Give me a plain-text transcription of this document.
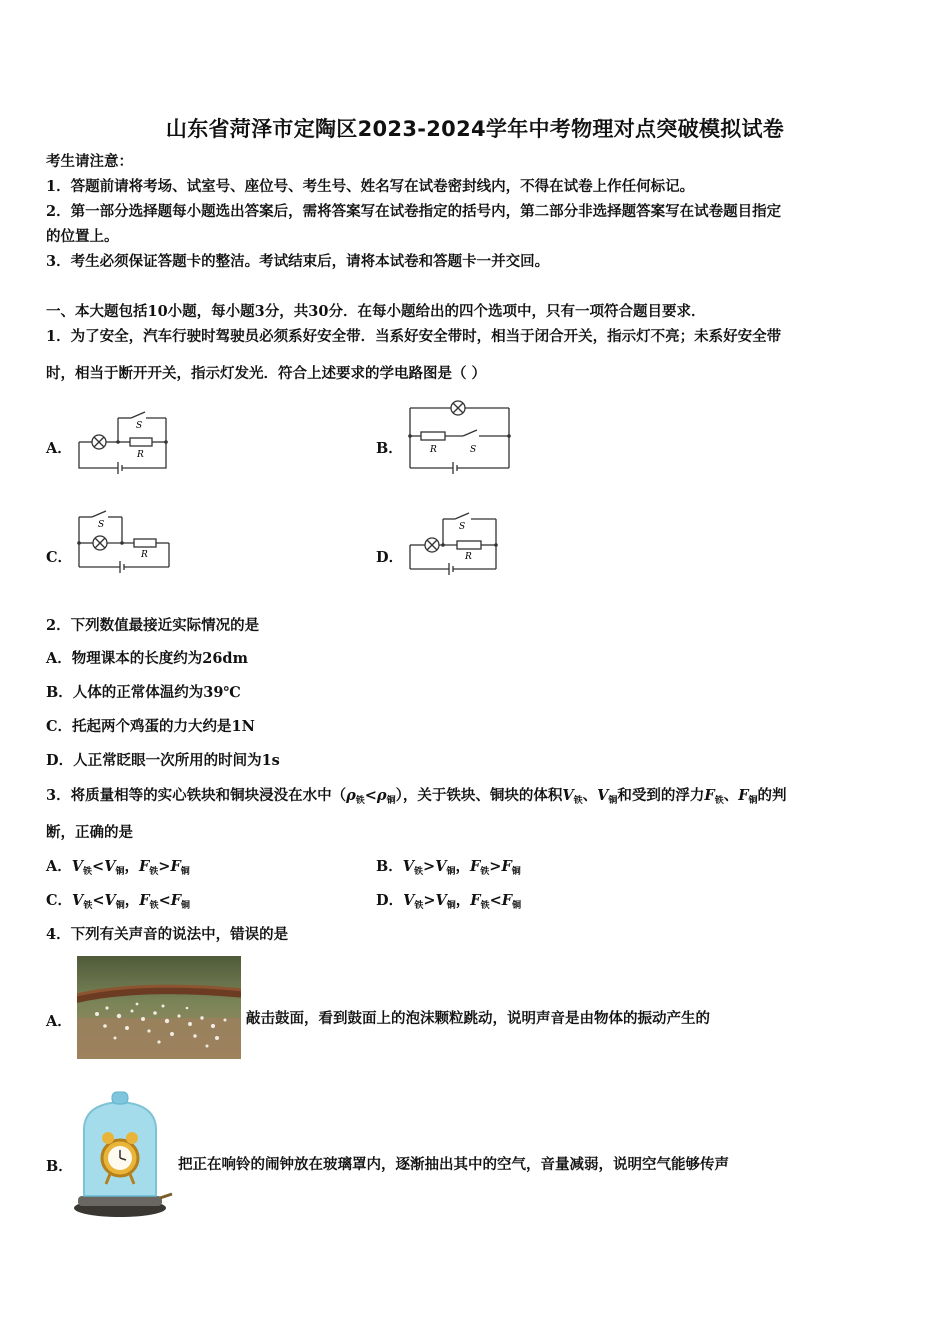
山东省菏泽市定陶区2023-2024学年中考物理对点突破模拟试卷
考生请注意：
1．答题前请将考场、试室号、座位号、考生号、姓名写在试卷密封线内，不得在试卷上作任何标记。
2．第一部分选择题每小题选出答案后，需将答案写在试卷指定的括号内，第二部分非选择题答案写在试卷题目指定
的位置上。
3．考生必须保证答题卡的整洁。考试结束后，请将本试卷和答题卡一并交回。
一、本大题包括10小题，每小题3分，共30分．在每小题给出的四个选项中，只有一项符合题目要求．
1．为了安全，汽车行驶时驾驶员必须系好安全带．当系好安全带时，相当于闭合开关，指示灯不亮；未系好安全带
时，相当于断开开关，指示灯发光．符合上述要求的学电路图是（ ）
A．
S
R	B．	R	S
C．
S
R	D．
S
R
2．下列数值最接近实际情况的是
A．物理课本的长度约为26dm
B．人体的正常体温约为39℃
C．托起两个鸡蛋的力大约是1N
D．人正常眨眼一次所用的时间为1s
3．将质量相等的实心铁块和铜块浸没在水中$(\rho_铁<\rho_铜)$，关于铁块、铜块的体积$V_铁$、$V_铜$和受到的浮力$F_铁$、$F_铜$的判
断，正确的是
A．$V_铁<V_铜$，$F_铁>F_铜$	B．$V_铁>V_铜$，$F_铁>F_铜$
C．$V_铁<V_铜$，$F_铁<F_铜$	D．$V_铁>V_铜$，$F_铁<F_铜$
4．下列有关声音的说法中，错误的是
A．	敲击鼓面，看到鼓面上的泡沫颗粒跳动，说明声音是由物体的振动产生的
B．	把正在响铃的闹钟放在玻璃罩内，逐渐抽出其中的空气，音量减弱，说明空气能够传声
